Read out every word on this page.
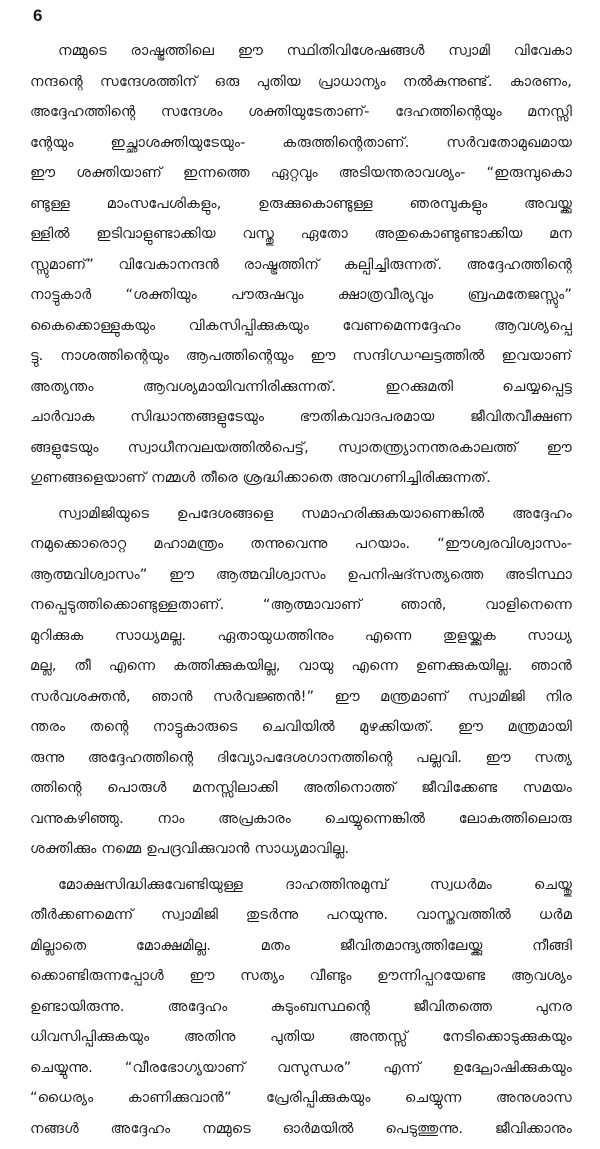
6
നമ്മുടെ രാഷ്ട്രത്തിലെ ഈ സ്ഥിതിവിശേഷങ്ങൾ സ്വാമി വിവേകാ
നന്ദന്റെ സന്ദേശത്തിന് ഒരു പുതിയ പ്രാധാന്യം നൽകുന്നുണ്ട്. കാരണം,
അദ്ദേഹത്തിന്റെ സന്ദേശം ശക്തിയുടേതാണ്- ദേഹത്തിന്റെയും മനസ്സി
ന്റേയും ഇച്ഛാശക്തിയുടേയും- കരുത്തിന്റെതാണ്. സർവതോമുഖമായ
ഈ ശക്തിയാണ് ഇന്നത്തെ ഏറ്റവും അടിയന്തരാവശ്യം- “ഇരുമ്പുകൊ
ണ്ടുള്ള മാംസപേശികളും, ഉരുക്കുകൊണ്ടുള്ള ഞരമ്പുകളും അവയ്ക്കു
ള്ളിൽ ഇടിവാളുണ്ടാക്കിയ വസ്തു ഏതോ അതുകൊണ്ടുണ്ടാക്കിയ മന
സ്സുമാണ്” വിവേകാനന്ദൻ രാഷ്ട്രത്തിന് കല്പിച്ചിരുന്നത്. അദ്ദേഹത്തിന്റെ
നാട്ടുകാർ “ശക്തിയും പൗരുഷവും ക്ഷാത്രവീര്യവും ബ്രഹ്മതേജസ്സും”
കൈക്കൊള്ളുകയും വികസിപ്പിക്കുകയും വേണമെന്നദ്ദേഹം ആവശ്യപ്പെ
ട്ടു. നാശത്തിന്റെയും ആപത്തിന്റെയും ഈ സന്ദിഗ്ധഘട്ടത്തിൽ ഇവയാണ്
അത്യന്തം ആവശ്യമായിവന്നിരിക്കുന്നത്. ഇറക്കുമതി ചെയ്യപ്പെട്ട
ചാർവാക സിദ്ധാന്തങ്ങളുടേയും ഭൗതികവാദപരമായ ജീവിതവീക്ഷണ
ങ്ങളുടേയും സ്വാധീനവലയത്തിൽപെട്ട്, സ്വാതന്ത്ര്യാനന്തരകാലത്ത് ഈ
ഗുണങ്ങളെയാണ് നമ്മൾ തീരെ ശ്രദ്ധിക്കാതെ അവഗണിച്ചിരിക്കുന്നത്.
സ്വാമിജിയുടെ ഉപദേശങ്ങളെ സമാഹരിക്കുകയാണെങ്കിൽ അദ്ദേഹം
നമുക്കൊരൊറ്റ മഹാമന്ത്രം തന്നുവെന്നു പറയാം. “ഈശ്വരവിശ്വാസം-
ആത്മവിശ്വാസം” ഈ ആത്മവിശ്വാസം ഉപനിഷദ്സത്യത്തെ അടിസ്ഥാ
നപ്പെടുത്തിക്കൊണ്ടുള്ളതാണ്. “ആത്മാവാണ് ഞാൻ, വാളിനെന്നെ
മുറിക്കുക സാധ്യമല്ല. ഏതായുധത്തിനും എന്നെ തുളയ്ക്കുക സാധ്യ
മല്ല, തീ എന്നെ കത്തിക്കുകയില്ല, വായു എന്നെ ഉണക്കുകയില്ല. ഞാൻ
സർവശക്തൻ, ഞാൻ സർവജ്ഞൻ!” ഈ മന്ത്രമാണ് സ്വാമിജി നിര
ന്തരം തന്റെ നാട്ടുകാരുടെ ചെവിയിൽ മുഴക്കിയത്. ഈ മന്ത്രമായി
രുന്നു അദ്ദേഹത്തിന്റെ ദിവ്യോപദേശഗാനത്തിന്റെ പല്ലവി. ഈ സത്യ
ത്തിന്റെ പൊരുൾ മനസ്സിലാക്കി അതിനൊത്ത് ജീവിക്കേണ്ട സമയം
വന്നുകഴിഞ്ഞു. നാം അപ്രകാരം ചെയ്യുന്നെങ്കിൽ ലോകത്തിലൊരു
ശക്തിക്കും നമ്മെ ഉപദ്രവിക്കുവാൻ സാധ്യമാവില്ല.
മോക്ഷസിദ്ധിക്കുവേണ്ടിയുള്ള ദാഹത്തിനുമുമ്പ് സ്വധർമം ചെയ്തു
തീർക്കണമെന്ന് സ്വാമിജി തുടർന്നു പറയുന്നു. വാസ്തവത്തിൽ ധർമ
മില്ലാതെ മോക്ഷമില്ല. മതം ജീവിതമാന്ദ്യത്തിലേയ്ക്കു നീങ്ങി
ക്കൊണ്ടിരുന്നപ്പോൾ ഈ സത്യം വീണ്ടും ഊന്നിപ്പറയേണ്ട ആവശ്യം
ഉണ്ടായിരുന്നു. അദ്ദേഹം കുടുംബസ്ഥന്റെ ജീവിതത്തെ പുനര
ധിവസിപ്പിക്കുകയും അതിനു പുതിയ അന്തസ്സ് നേടിക്കൊടുക്കുകയും
ചെയ്യുന്നു. “വീരഭോഗ്യയാണ് വസുന്ധര” എന്ന് ഉദ്ഘോഷിക്കുകയും
“ധൈര്യം കാണിക്കുവാൻ” പ്രേരിപ്പിക്കുകയും ചെയ്യുന്ന അനുശാസ
നങ്ങൾ അദ്ദേഹം നമ്മുടെ ഓർമയിൽ പെടുത്തുന്നു. ജീവിക്കാനും
